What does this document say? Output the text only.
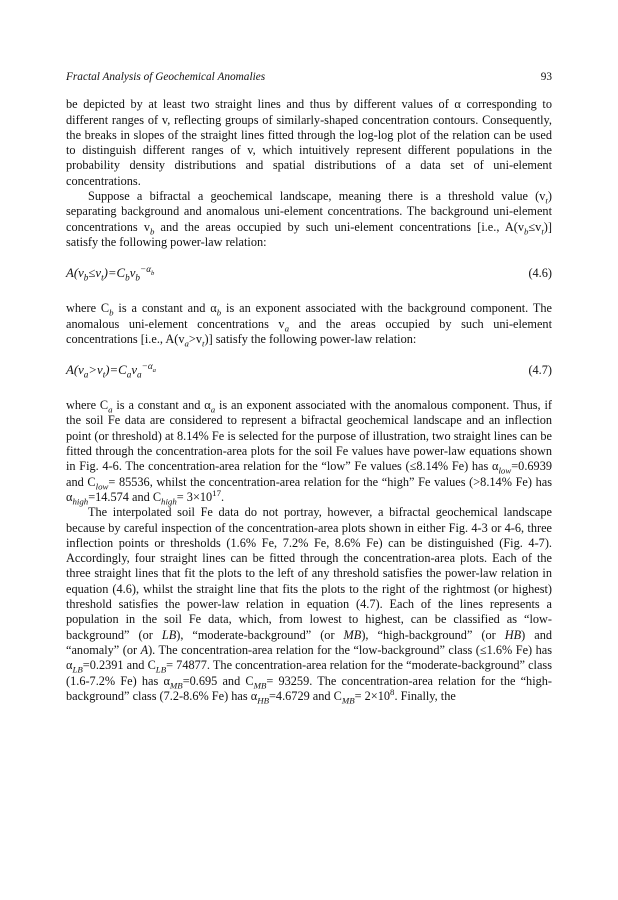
Fractal Analysis of Geochemical Anomalies	93

be depicted by at least two straight lines and thus by different values of α corresponding to different ranges of v, reflecting groups of similarly-shaped concentration contours. Consequently, the breaks in slopes of the straight lines fitted through the log-log plot of the relation can be used to distinguish different ranges of v, which intuitively represent different populations in the probability density distributions and spatial distributions of a data set of uni-element concentrations.

Suppose a bifractal a geochemical landscape, meaning there is a threshold value $(v_t)$ separating background and anomalous uni-element concentrations. The background uni-element concentrations $v_b$ and the areas occupied by such uni-element concentrations [i.e., $A(v_b\le v_t)$] satisfy the following power-law relation:

$A(v_b\le v_t)=C_bv_b^{-\alpha_b}$	(4.6)

where $C_b$ is a constant and $\alpha_b$ is an exponent associated with the background component. The anomalous uni-element concentrations $v_a$ and the areas occupied by such uni-element concentrations [i.e., $A(v_a>v_t)$] satisfy the following power-law relation:

$A(v_a>v_t)=C_av_a^{-\alpha_a}$	(4.7)

where $C_a$ is a constant and $\alpha_a$ is an exponent associated with the anomalous component. Thus, if the soil Fe data are considered to represent a bifractal geochemical landscape and an inflection point (or threshold) at 8.14% Fe is selected for the purpose of illustration, two straight lines can be fitted through the concentration-area plots for the soil Fe values have power-law equations shown in Fig. 4-6. The concentration-area relation for the “low” Fe values (≤8.14% Fe) has $\alpha_{low}=0.6939$ and $C_{low}= 85536$, whilst the concentration-area relation for the “high” Fe values (>8.14% Fe) has $\alpha_{high}=14.574$ and $C_{high}= 3\times 10^{17}$.

The interpolated soil Fe data do not portray, however, a bifractal geochemical landscape because by careful inspection of the concentration-area plots shown in either Fig. 4-3 or 4-6, three inflection points or thresholds (1.6% Fe, 7.2% Fe, 8.6% Fe) can be distinguished (Fig. 4-7). Accordingly, four straight lines can be fitted through the concentration-area plots. Each of the three straight lines that fit the plots to the left of any threshold satisfies the power-law relation in equation (4.6), whilst the straight line that fits the plots to the right of the rightmost (or highest) threshold satisfies the power-law relation in equation (4.7). Each of the lines represents a population in the soil Fe data, which, from lowest to highest, can be classified as “low-background” (or LB), “moderate-background” (or MB), “high-background” (or HB) and “anomaly” (or A). The concentration-area relation for the “low-background” class (≤1.6% Fe) has $\alpha_{LB}=0.2391$ and $C_{LB}= 74877$. The concentration-area relation for the “moderate-background” class (1.6-7.2% Fe) has $\alpha_{MB}=0.695$ and $C_{MB}= 93259$. The concentration-area relation for the “high-background” class (7.2-8.6% Fe) has $\alpha_{HB}=4.6729$ and $C_{MB}= 2\times 10^8$. Finally, the
